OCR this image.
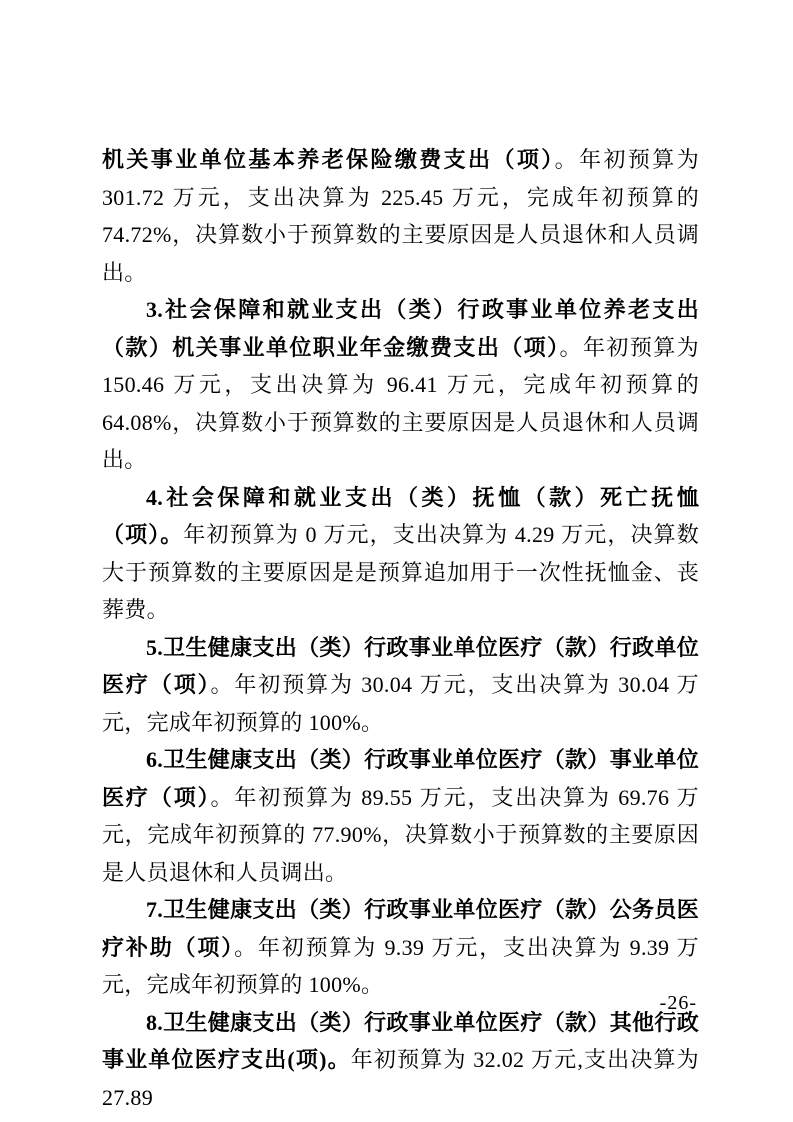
机关事业单位基本养老保险缴费支出（项）。年初预算为 301.72 万元，支出决算为 225.45 万元，完成年初预算的 74.72%，决算数小于预算数的主要原因是人员退休和人员调出。

3.社会保障和就业支出（类）行政事业单位养老支出（款）机关事业单位职业年金缴费支出（项）。年初预算为 150.46 万元，支出决算为 96.41 万元，完成年初预算的 64.08%，决算数小于预算数的主要原因是人员退休和人员调出。

4.社会保障和就业支出（类）抚恤（款）死亡抚恤（项）。年初预算为 0 万元，支出决算为 4.29 万元，决算数大于预算数的主要原因是是预算追加用于一次性抚恤金、丧葬费。

5.卫生健康支出（类）行政事业单位医疗（款）行政单位医疗（项）。年初预算为 30.04 万元，支出决算为 30.04 万元，完成年初预算的 100%。

6.卫生健康支出（类）行政事业单位医疗（款）事业单位医疗（项）。年初预算为 89.55 万元，支出决算为 69.76 万元，完成年初预算的 77.90%，决算数小于预算数的主要原因是人员退休和人员调出。

7.卫生健康支出（类）行政事业单位医疗（款）公务员医疗补助（项）。年初预算为 9.39 万元，支出决算为 9.39 万元，完成年初预算的 100%。

8.卫生健康支出（类）行政事业单位医疗（款）其他行政事业单位医疗支出(项)。年初预算为 32.02 万元,支出决算为 27.89

-26-
